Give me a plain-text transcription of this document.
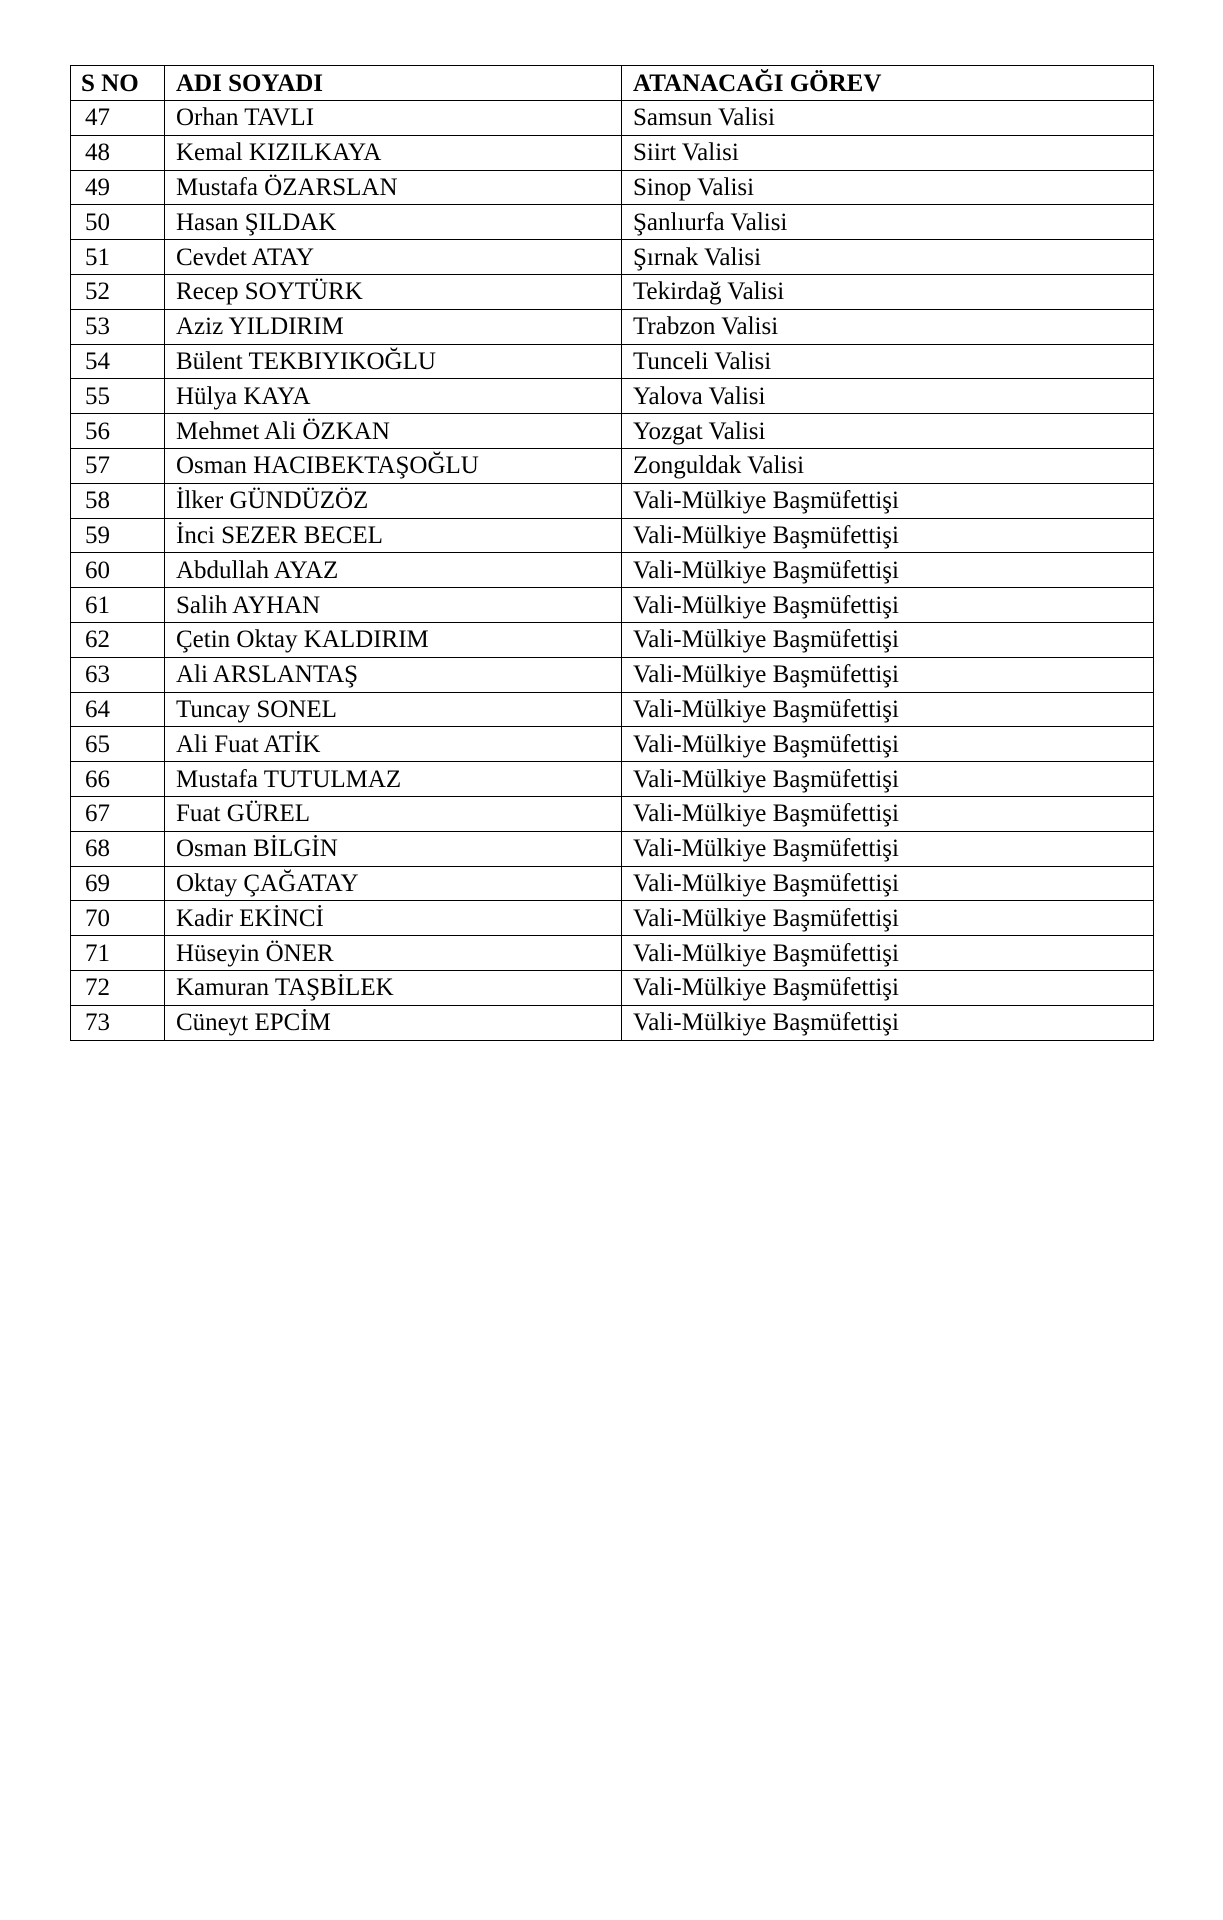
S NO	ADI SOYADI	ATANACAĞI GÖREV
47	Orhan TAVLI	Samsun Valisi
48	Kemal KIZILKAYA	Siirt Valisi
49	Mustafa ÖZARSLAN	Sinop Valisi
50	Hasan ŞILDAK	Şanlıurfa Valisi
51	Cevdet ATAY	Şırnak Valisi
52	Recep SOYTÜRK	Tekirdağ Valisi
53	Aziz YILDIRIM	Trabzon Valisi
54	Bülent TEKBIYIKOĞLU	Tunceli Valisi
55	Hülya KAYA	Yalova Valisi
56	Mehmet Ali ÖZKAN	Yozgat Valisi
57	Osman HACIBEKTAŞOĞLU	Zonguldak Valisi
58	İlker GÜNDÜZÖZ	Vali-Mülkiye Başmüfettişi
59	İnci SEZER BECEL	Vali-Mülkiye Başmüfettişi
60	Abdullah AYAZ	Vali-Mülkiye Başmüfettişi
61	Salih AYHAN	Vali-Mülkiye Başmüfettişi
62	Çetin Oktay KALDIRIM	Vali-Mülkiye Başmüfettişi
63	Ali ARSLANTAŞ	Vali-Mülkiye Başmüfettişi
64	Tuncay SONEL	Vali-Mülkiye Başmüfettişi
65	Ali Fuat ATİK	Vali-Mülkiye Başmüfettişi
66	Mustafa TUTULMAZ	Vali-Mülkiye Başmüfettişi
67	Fuat GÜREL	Vali-Mülkiye Başmüfettişi
68	Osman BİLGİN	Vali-Mülkiye Başmüfettişi
69	Oktay ÇAĞATAY	Vali-Mülkiye Başmüfettişi
70	Kadir EKİNCİ	Vali-Mülkiye Başmüfettişi
71	Hüseyin ÖNER	Vali-Mülkiye Başmüfettişi
72	Kamuran TAŞBİLEK	Vali-Mülkiye Başmüfettişi
73	Cüneyt EPCİM	Vali-Mülkiye Başmüfettişi
